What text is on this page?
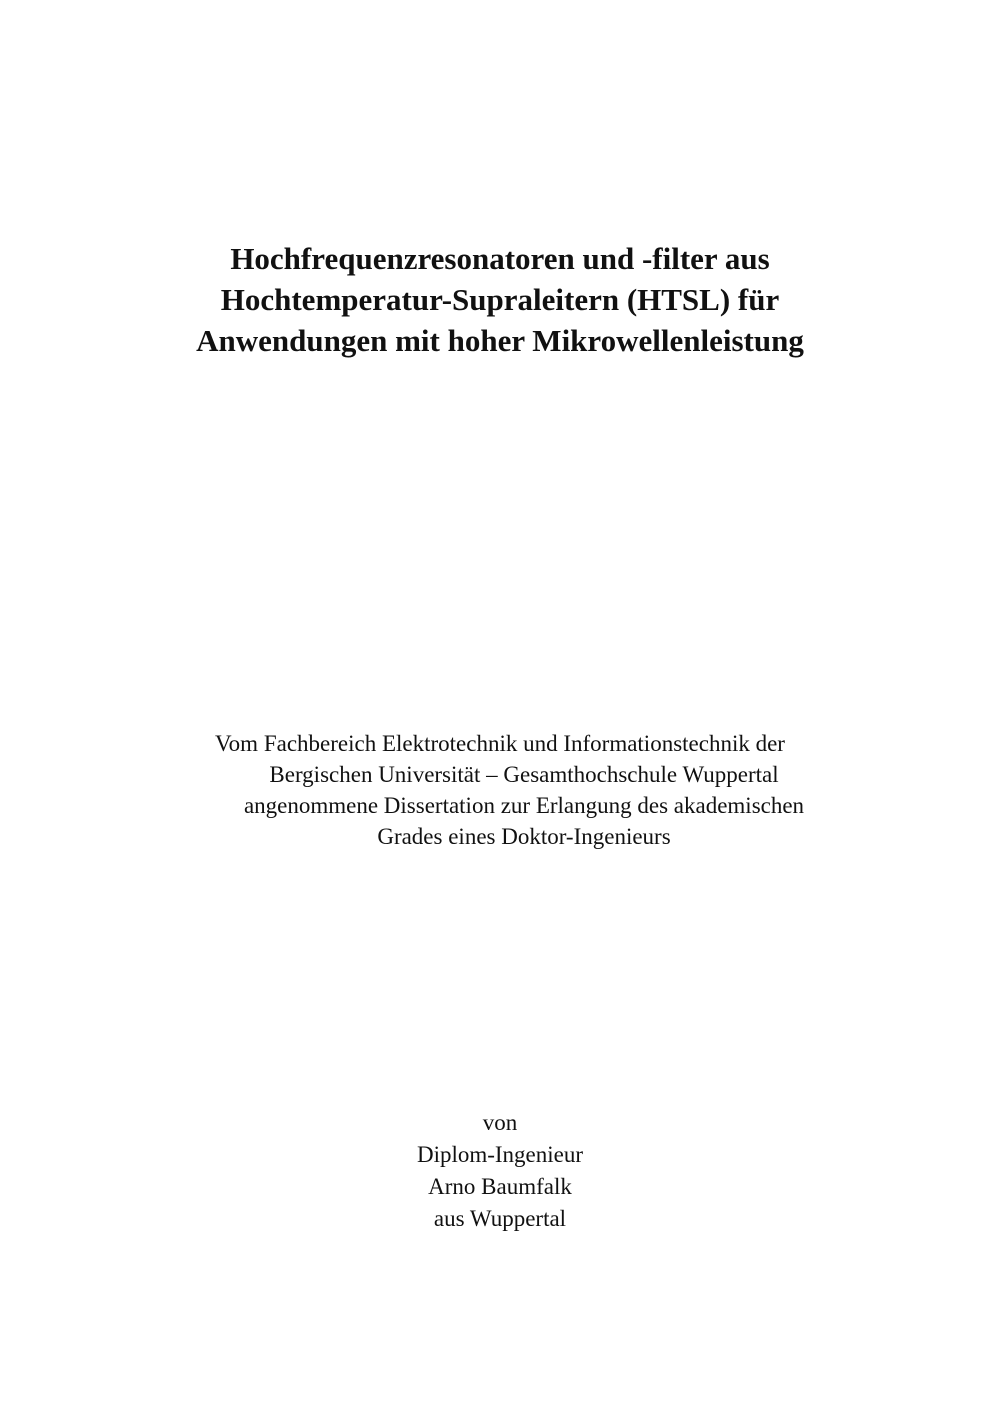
Hochfrequenzresonatoren und -filter aus
Hochtemperatur-Supraleitern (HTSL) für
Anwendungen mit hoher Mikrowellenleistung
Vom Fachbereich Elektrotechnik und Informationstechnik der
Bergischen Universität – Gesamthochschule Wuppertal
angenommene Dissertation zur Erlangung des akademischen
Grades eines Doktor-Ingenieurs
von
Diplom-Ingenieur
Arno Baumfalk
aus Wuppertal
